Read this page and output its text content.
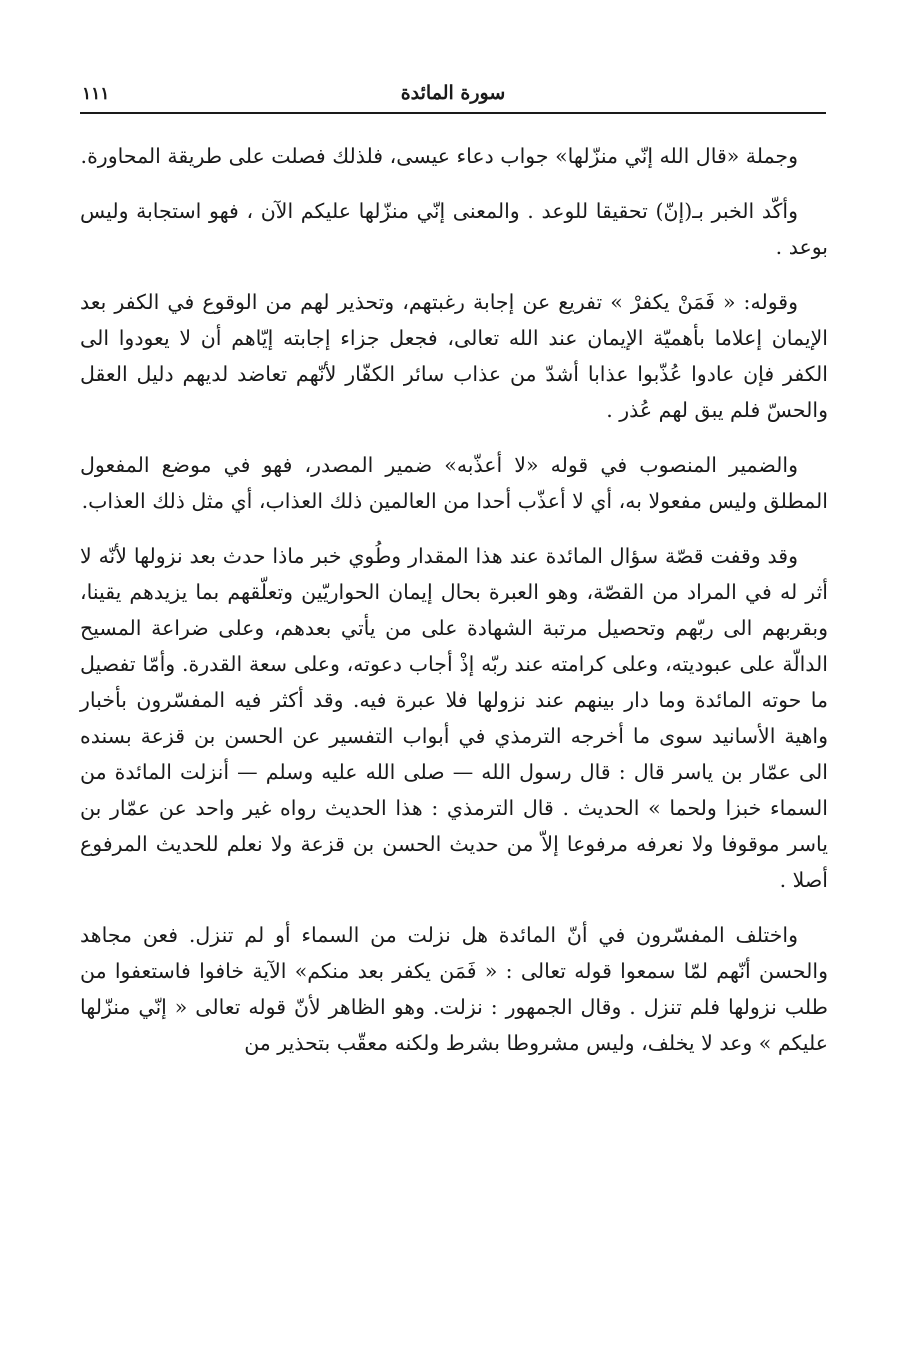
١١١	سورة المائدة

وجملة «قال الله إنّي منزّلها» جواب دعاء عيسى، فلذلك فصلت على طريقة المحاورة.

وأكّد الخبر بـ(إنّ) تحقيقا للوعد . والمعنى إنّي منزّلها عليكم الآن ، فهو استجابة وليس بوعد .

وقوله: « فَمَنْ يكفرْ » تفريع عن إجابة رغبتهم، وتحذير لهم من الوقوع في الكفر بعد الإيمان إعلاما بأهميّة الإيمان عند الله تعالى، فجعل جزاء إجابته إيّاهم أن لا يعودوا الى الكفر فإن عادوا عُذّبوا عذابا أشدّ من عذاب سائر الكفّار لأنّهم تعاضد لديهم دليل العقل والحسّ فلم يبق لهم عُذر .

والضمير المنصوب في قوله «لا أعذّبه» ضمير المصدر، فهو في موضع المفعول المطلق وليس مفعولا به، أي لا أعذّب أحدا من العالمين ذلك العذاب، أي مثل ذلك العذاب.

وقد وقفت قصّة سؤال المائدة عند هذا المقدار وطُوي خبر ماذا حدث بعد نزولها لأنّه لا أثر له في المراد من القصّة، وهو العبرة بحال إيمان الحواريّين وتعلّقهم بما يزيدهم يقينا، وبقربهم الى ربّهم وتحصيل مرتبة الشهادة على من يأتي بعدهم، وعلى ضراعة المسيح الدالّة على عبوديته، وعلى كرامته عند ربّه إذْ أجاب دعوته، وعلى سعة القدرة. وأمّا تفصيل ما حوته المائدة وما دار بينهم عند نزولها فلا عبرة فيه. وقد أكثر فيه المفسّرون بأخبار واهية الأسانيد سوى ما أخرجه الترمذي في أبواب التفسير عن الحسن بن قزعة بسنده الى عمّار بن ياسر قال : قال رسول الله — صلى الله عليه وسلم — أنزلت المائدة من السماء خبزا ولحما » الحديث . قال الترمذي : هذا الحديث رواه غير واحد عن عمّار بن ياسر موقوفا ولا نعرفه مرفوعا إلاّ من حديث الحسن بن قزعة ولا نعلم للحديث المرفوع أصلا .

واختلف المفسّرون في أنّ المائدة هل نزلت من السماء أو لم تنزل. فعن مجاهد والحسن أنّهم لمّا سمعوا قوله تعالى : « فَمَن يكفر بعد منكم» الآية خافوا فاستعفوا من طلب نزولها فلم تنزل . وقال الجمهور : نزلت. وهو الظاهر لأنّ قوله تعالى « إنّي منزّلها عليكم » وعد لا يخلف، وليس مشروطا بشرط ولكنه معقّب بتحذير من
